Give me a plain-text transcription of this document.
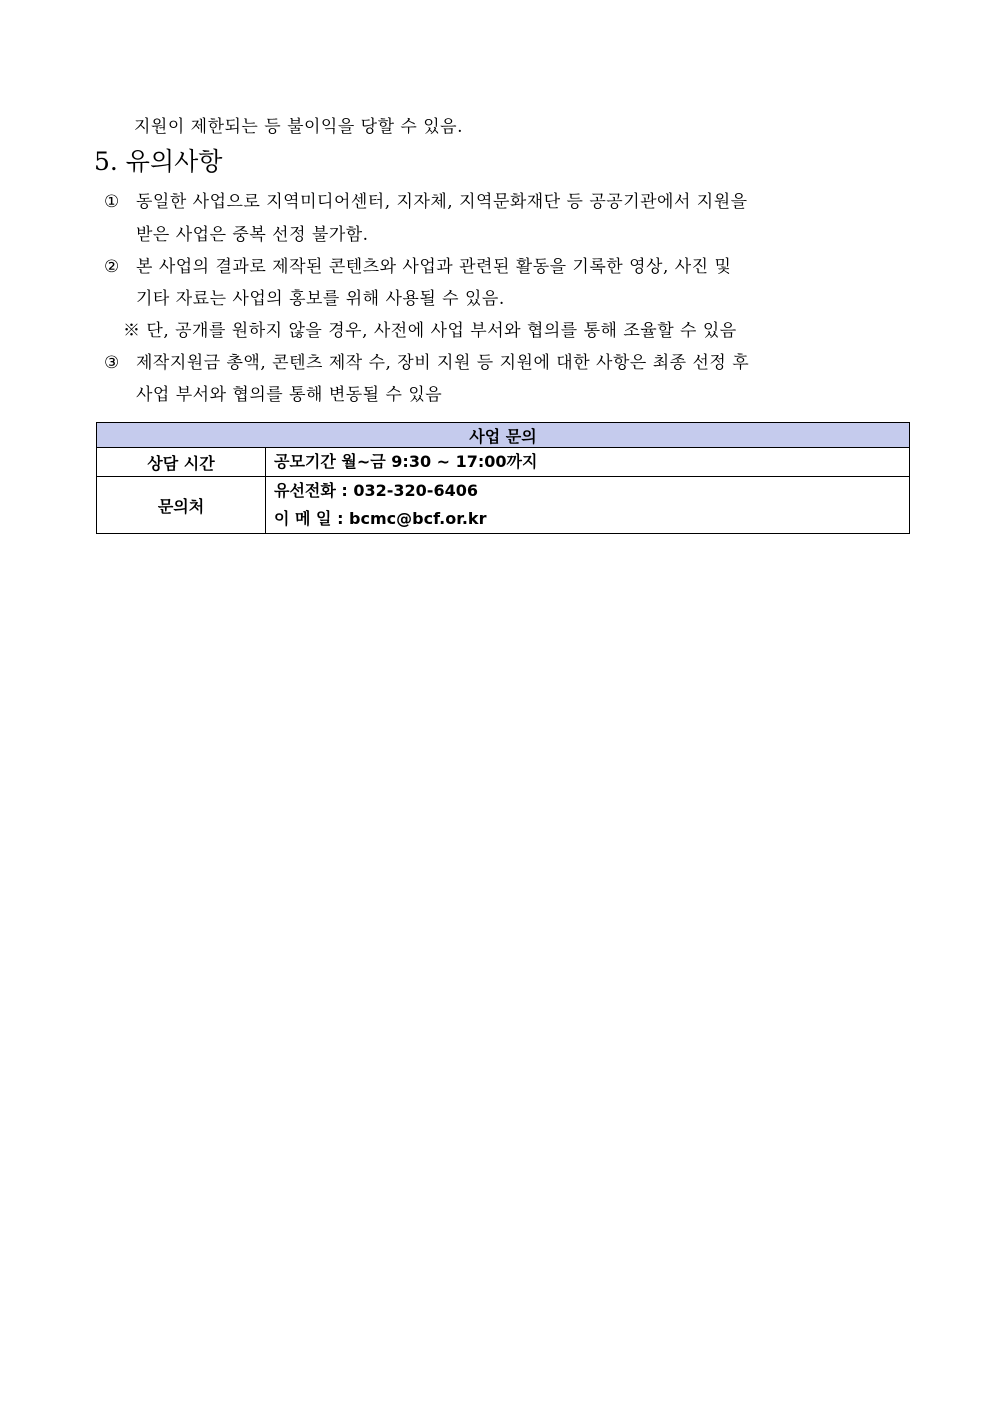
지원이 제한되는 등 불이익을 당할 수 있음.
5. 유의사항
① 동일한 사업으로 지역미디어센터, 지자체, 지역문화재단 등 공공기관에서 지원을
받은 사업은 중복 선정 불가함.
② 본 사업의 결과로 제작된 콘텐츠와 사업과 관련된 활동을 기록한 영상, 사진 및
기타 자료는 사업의 홍보를 위해 사용될 수 있음.
※ 단, 공개를 원하지 않을 경우, 사전에 사업 부서와 협의를 통해 조율할 수 있음
③ 제작지원금 총액, 콘텐츠 제작 수, 장비 지원 등 지원에 대한 사항은 최종 선정 후
사업 부서와 협의를 통해 변동될 수 있음
사업 문의	
상담 시간	공모기간 월~금 9:30 ~ 17:00까지

문의처	유선전화 : 032-320-6406
이 메 일 : bcmc@bcf.or.kr
